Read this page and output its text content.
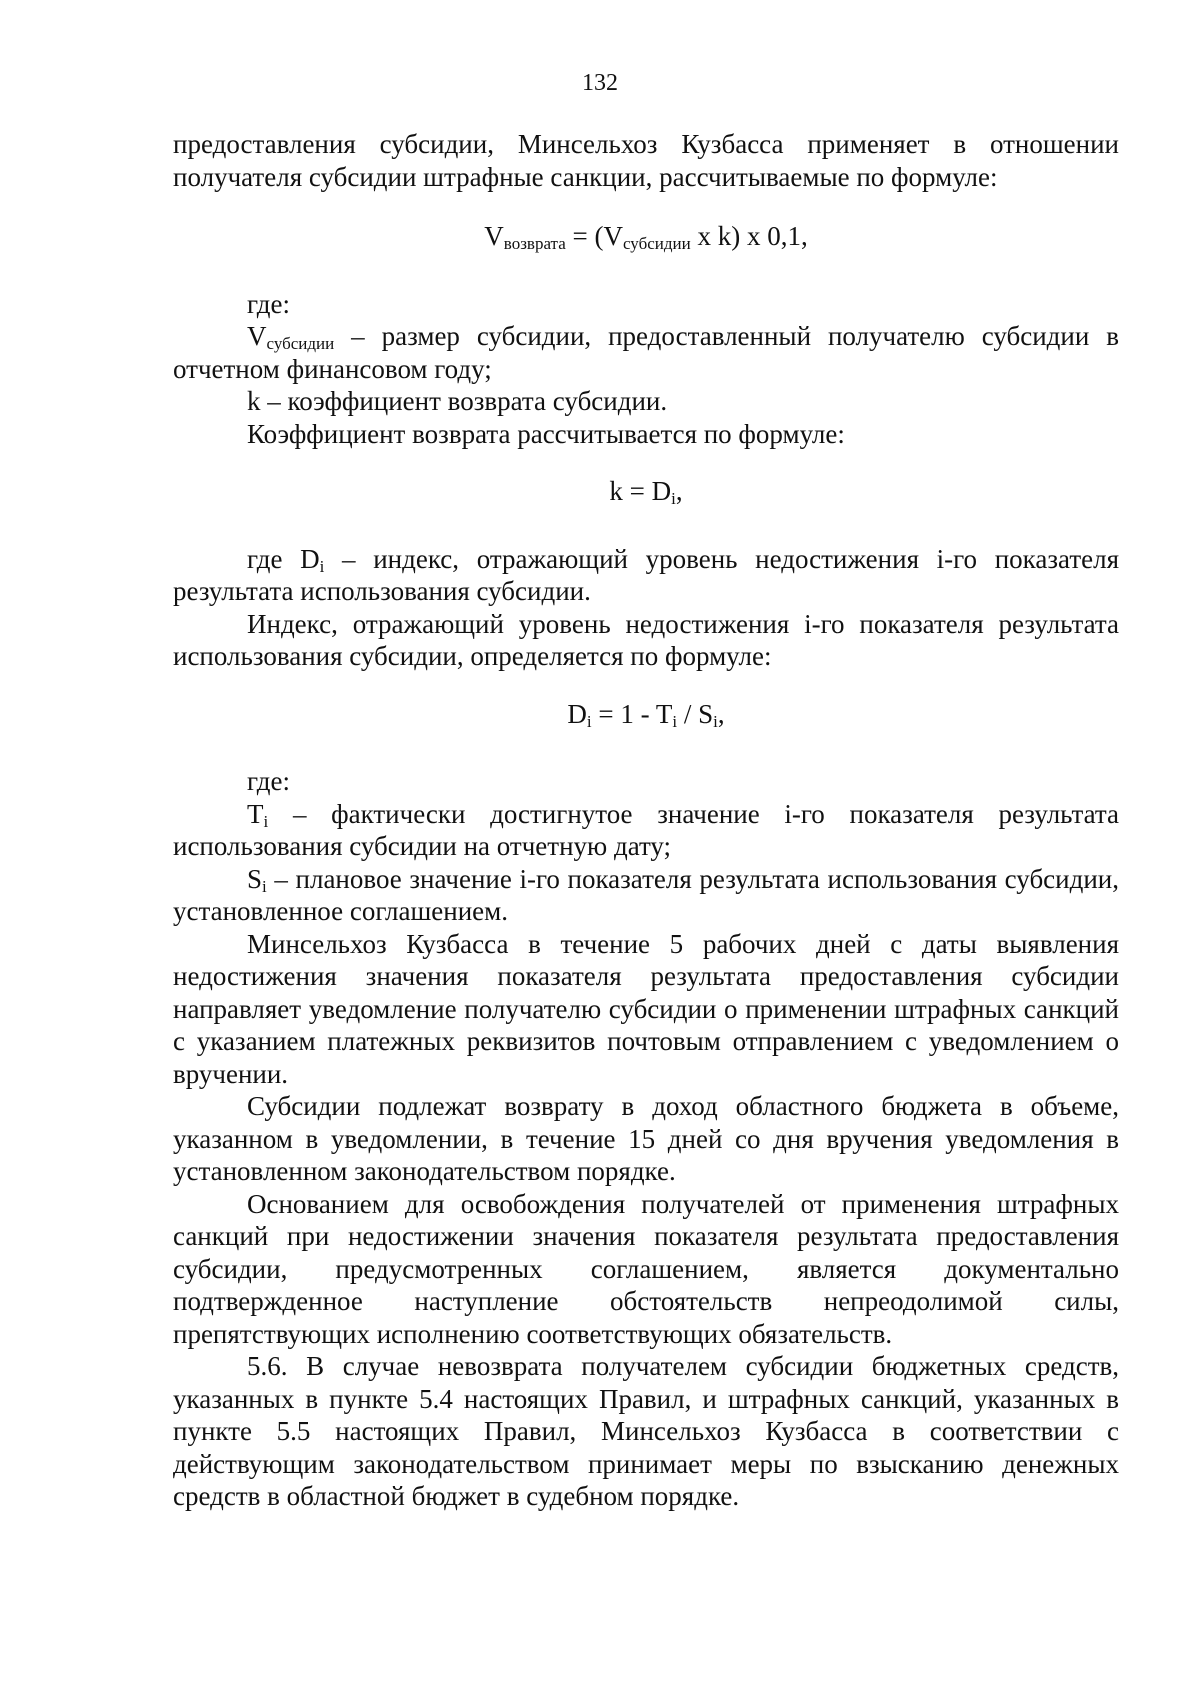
132

предоставления субсидии, Минсельхоз Кузбасса применяет в отношении получателя субсидии штрафные санкции, рассчитываемые по формуле:

$V_{возврата} = (V_{субсидии}$ x k) x 0,1,

где:

$V_{субсидии}$ – размер субсидии, предоставленный получателю субсидии в отчетном финансовом году;

k – коэффициент возврата субсидии.

Коэффициент возврата рассчитывается по формуле:

$k = D_i$,

где $D_i$ – индекс, отражающий уровень недостижения i-го показателя результата использования субсидии.

Индекс, отражающий уровень недостижения i-го показателя результата использования субсидии, определяется по формуле:

$D_i = 1 - T_i / S_i$,

где:

$T_i$ – фактически достигнутое значение i-го показателя результата использования субсидии на отчетную дату;

$S_i$ – плановое значение i-го показателя результата использования субсидии, установленное соглашением.

Минсельхоз Кузбасса в течение 5 рабочих дней с даты выявления недостижения значения показателя результата предоставления субсидии направляет уведомление получателю субсидии о применении штрафных санкций с указанием платежных реквизитов почтовым отправлением с уведомлением о вручении.

Субсидии подлежат возврату в доход областного бюджета в объеме, указанном в уведомлении, в течение 15 дней со дня вручения уведомления в установленном законодательством порядке.

Основанием для освобождения получателей от применения штрафных санкций при недостижении значения показателя результата предоставления субсидии, предусмотренных соглашением, является документально подтвержденное наступление обстоятельств непреодолимой силы, препятствующих исполнению соответствующих обязательств.

5.6. В случае невозврата получателем субсидии бюджетных средств, указанных в пункте 5.4 настоящих Правил, и штрафных санкций, указанных в пункте 5.5 настоящих Правил, Минсельхоз Кузбасса в соответствии с действующим законодательством принимает меры по взысканию денежных средств в областной бюджет в судебном порядке.
